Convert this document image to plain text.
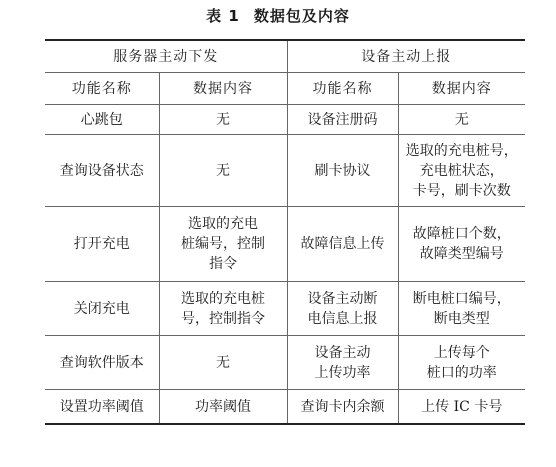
表 1 数据包及内容
服务器主动下发		设备主动上报	
功能名称	数据内容	功能名称	数据内容

心跳包	无	设备注册码	无

查询设备状态	无	刷卡协议	选取的充电桩号，
充电桩状态，
卡号，刷卡次数

打开充电	选取的充电
桩编号，控制
指令	故障信息上传	故障桩口个数，
故障类型编号

关闭充电	选取的充电桩
号，控制指令	设备主动断
电信息上报	断电桩口编号，
断电类型

查询软件版本	无	设备主动
上传功率	上传每个
桩口的功率

设置功率阈值	功率阈值	查询卡内余额	上传 IC 卡号
